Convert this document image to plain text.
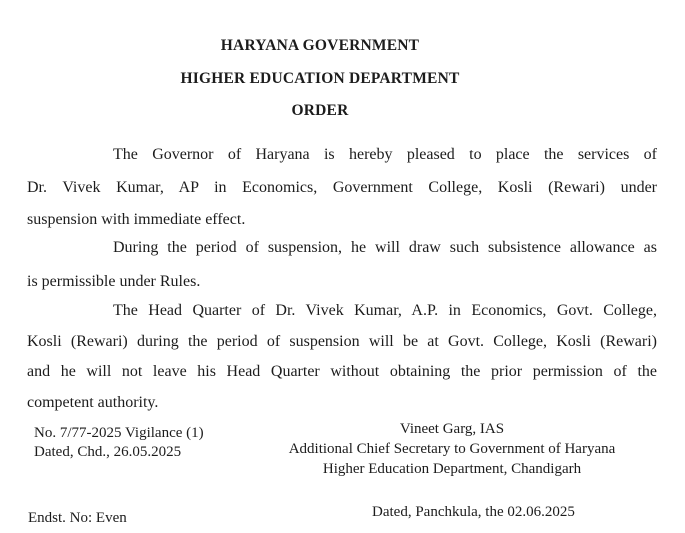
HARYANA GOVERNMENT
HIGHER EDUCATION DEPARTMENT
ORDER
The Governor of Haryana is hereby pleased to place the services of
Dr. Vivek Kumar, AP in Economics, Government College, Kosli (Rewari) under
suspension with immediate effect.
During the period of suspension, he will draw such subsistence allowance as
is permissible under Rules.
The Head Quarter of Dr. Vivek Kumar, A.P. in Economics, Govt. College,
Kosli (Rewari) during the period of suspension will be at Govt. College, Kosli (Rewari)
and he will not leave his Head Quarter without obtaining the prior permission of the
competent authority.
No. 7/77-2025 Vigilance (1)
Dated, Chd., 26.05.2025
Vineet Garg, IAS
Additional Chief Secretary to Government of Haryana
Higher Education Department, Chandigarh
Endst. No: Even	Dated, Panchkula, the 02.06.2025
